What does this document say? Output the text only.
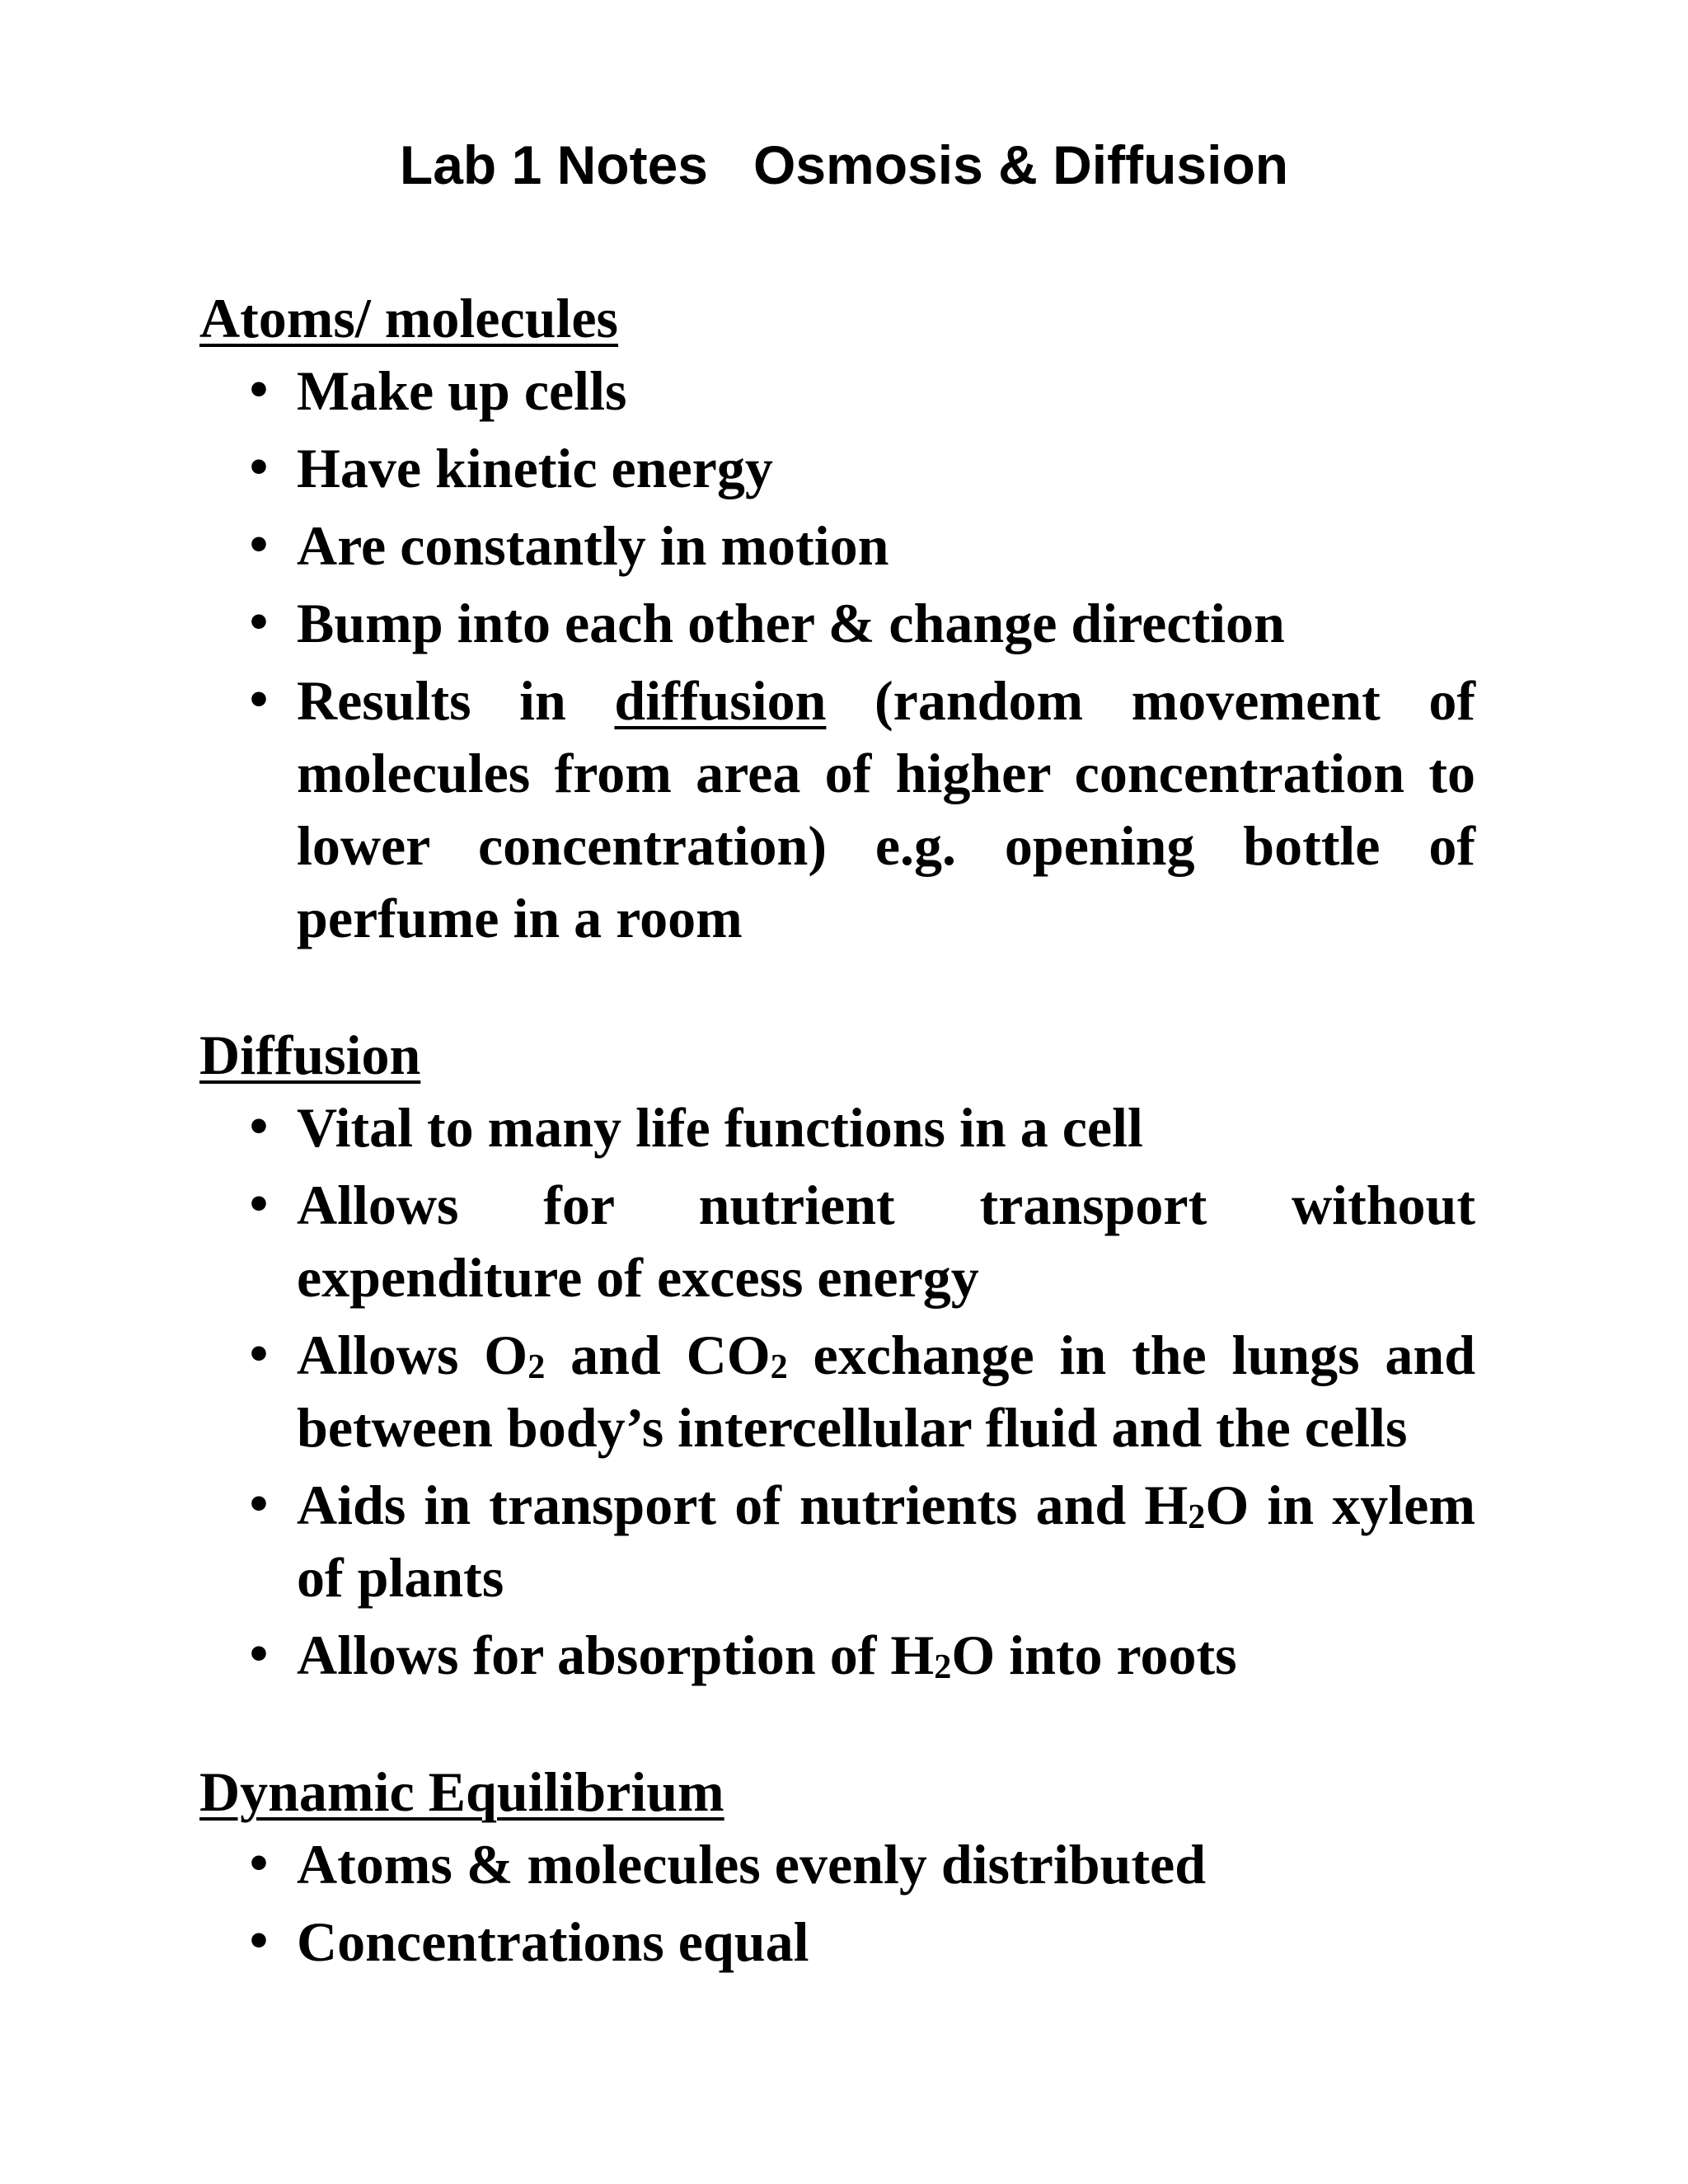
Lab 1 Notes   Osmosis & Diffusion

Atoms/ molecules

• Make up cells
• Have kinetic energy
• Are constantly in motion
• Bump into each other & change direction
• Results in diffusion (random movement of molecules from area of higher concentration to lower concentration) e.g. opening bottle of perfume in a room

Diffusion

• Vital to many life functions in a cell
• Allows for nutrient transport without expenditure of excess energy
• Allows $O_2$ and $CO_2$ exchange in the lungs and between body’s intercellular fluid and the cells
• Aids in transport of nutrients and $H_2O$ in xylem of plants
• Allows for absorption of $H_2O$ into roots

Dynamic Equilibrium

• Atoms & molecules evenly distributed
• Concentrations equal
